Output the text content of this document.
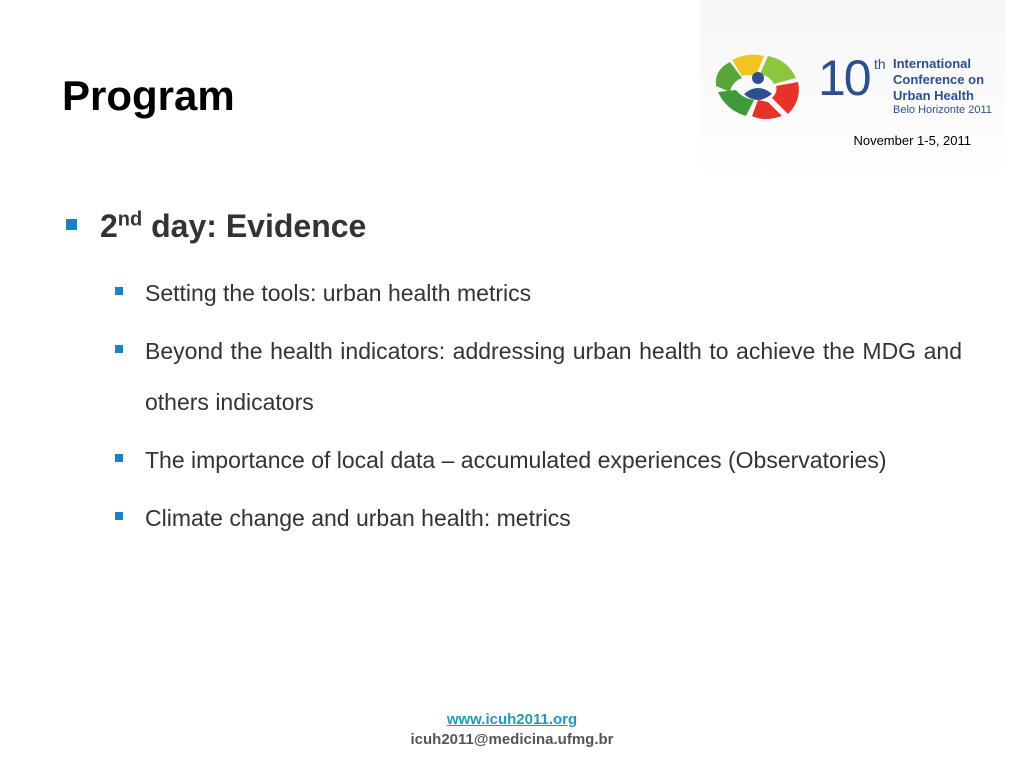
Program	10 th International
Conference on
Urban Health
Belo Horizonte 2011
November 1-5, 2011
2nd day: Evidence
Setting the tools: urban health metrics
Beyond the health indicators: addressing urban health to achieve the MDG and others indicators
The importance of local data – accumulated experiences (Observatories)
Climate change and urban health: metrics
www.icuh2011.org
icuh2011@medicina.ufmg.br
